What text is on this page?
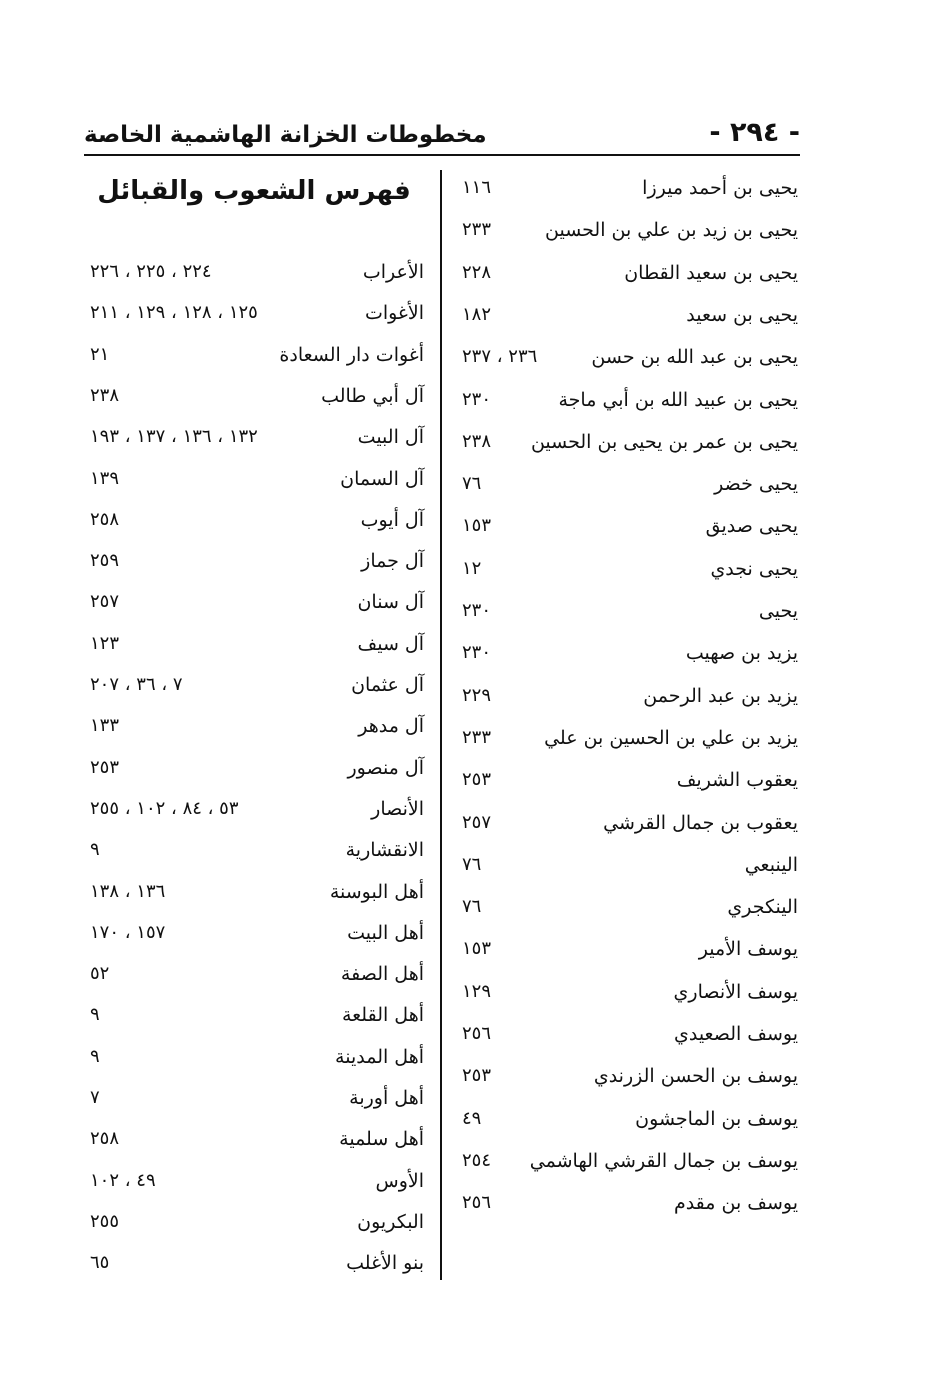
- ٢٩٤ -
مخطوطات الخزانة الهاشمية الخاصة
يحيى بن أحمد ميرزا
١١٦
يحيى بن زيد بن علي بن الحسين
٢٣٣
يحيى بن سعيد القطان
٢٢٨
يحيى بن سعيد
١٨٢
يحيى بن عبد الله بن حسن
٢٣٦ ، ٢٣٧
يحيى بن عبيد الله بن أبي ماجة
٢٣٠
يحيى بن عمر بن يحيى بن الحسين
٢٣٨
يحيى خضر
٧٦
يحيى صديق
١٥٣
يحيى نجدي
١٢
يحيى
٢٣٠
يزيد بن صهيب
٢٣٠
يزيد بن عبد الرحمن
٢٢٩
يزيد بن علي بن الحسين بن علي
٢٣٣
يعقوب الشريف
٢٥٣
يعقوب بن جمال القرشي
٢٥٧
الينبعي
٧٦
الينكجري
٧٦
يوسف الأمير
١٥٣
يوسف الأنصاري
١٢٩
يوسف الصعيدي
٢٥٦
يوسف بن الحسن الزرندي
٢٥٣
يوسف بن الماجشون
٤٩
يوسف بن جمال القرشي الهاشمي
٢٥٤
يوسف بن مقدم
٢٥٦
فهرس الشعوب والقبائل
الأعراب
٢٢٤ ، ٢٢٥ ، ٢٢٦
الأغوات
١٢٥ ، ١٢٨ ، ١٢٩ ، ٢١١
أغوات دار السعادة
٢١
آل أبي طالب
٢٣٨
آل البيت
١٣٢ ، ١٣٦ ، ١٣٧ ، ١٩٣
آل السمان
١٣٩
آل أيوب
٢٥٨
آل جماز
٢٥٩
آل سنان
٢٥٧
آل سيف
١٢٣
آل عثمان
٧ ، ٣٦ ، ٢٠٧
آل مدهر
١٣٣
آل منصور
٢٥٣
الأنصار
٥٣ ، ٨٤ ، ١٠٢ ، ٢٥٥
الانقشارية
٩
أهل البوسنة
١٣٦ ، ١٣٨
أهل البيت
١٥٧ ، ١٧٠
أهل الصفة
٥٢
أهل القلعة
٩
أهل المدينة
٩
أهل أوربة
٧
أهل سلمية
٢٥٨
الأوس
٤٩ ، ١٠٢
البكريون
٢٥٥
بنو الأغلب
٦٥
